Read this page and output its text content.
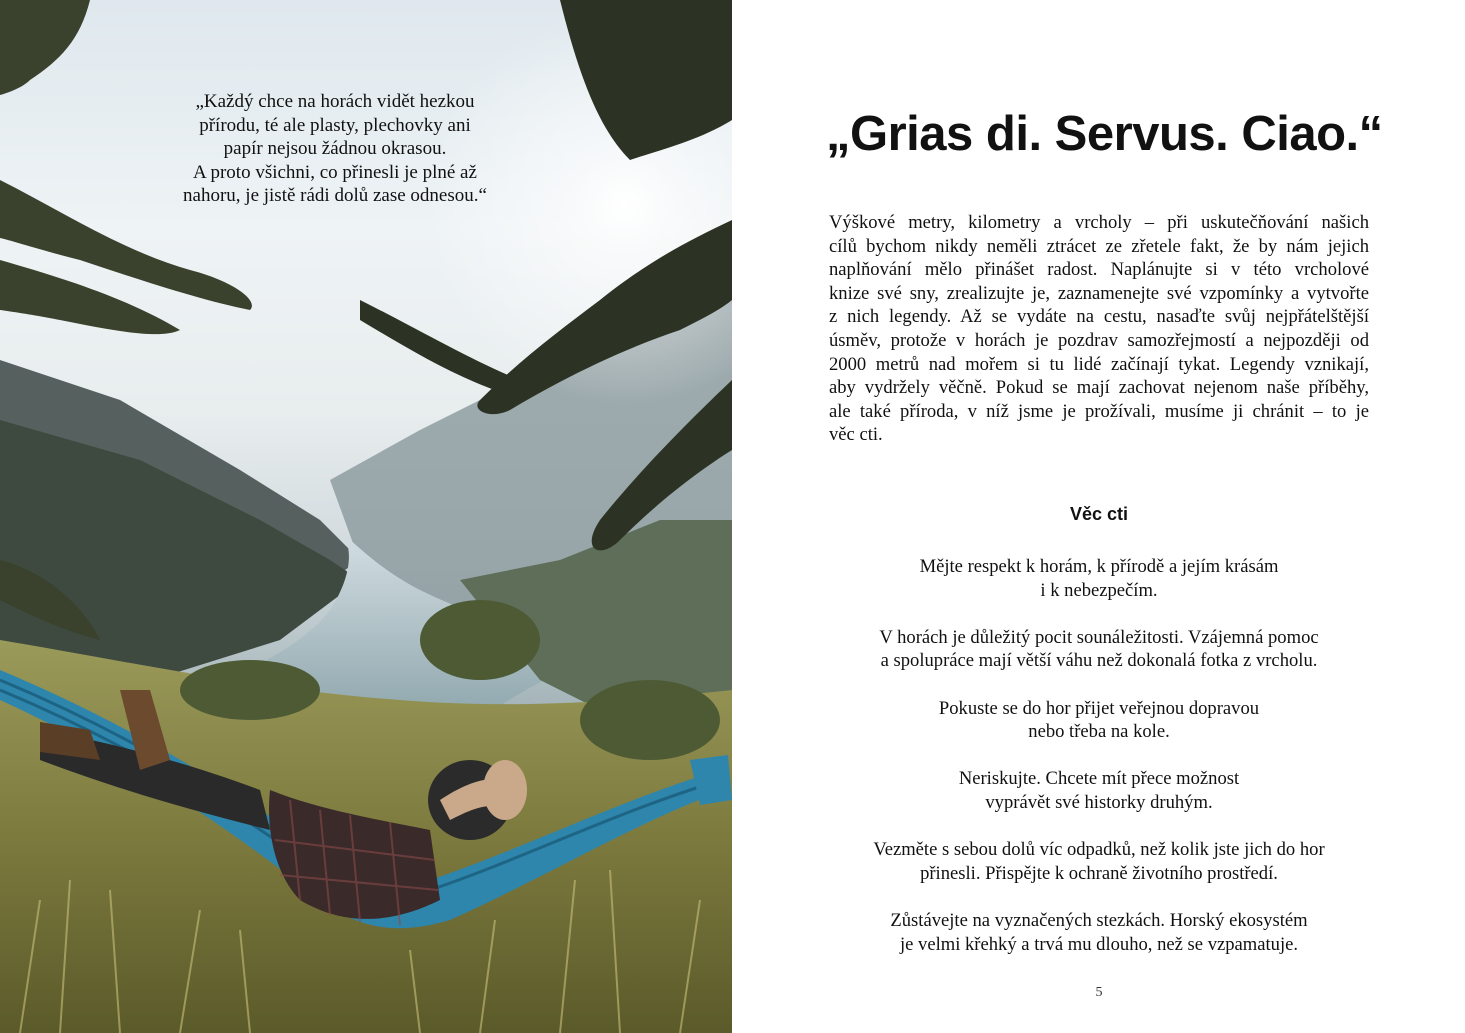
„Každý chce na horách vidět hezkou
přírodu, té ale plasty, plechovky ani
papír nejsou žádnou okrasou.
A proto všichni, co přinesli je plné až
nahoru, je jistě rádi dolů zase odnesou.“
„Grias di. Servus. Ciao.“
Výškové metry, kilometry a vrcholy – při uskutečňování našich
cílů bychom nikdy neměli ztrácet ze zřetele fakt, že by nám jejich
naplňování mělo přinášet radost. Naplánujte si v této vrcholové
knize své sny, zrealizujte je, zaznamenejte své vzpomínky a vytvořte
z nich legendy. Až se vydáte na cestu, nasaďte svůj nejpřátelštější
úsměv, protože v horách je pozdrav samozřejmostí a nejpozději od
2000 metrů nad mořem si tu lidé začínají tykat. Legendy vznikají,
aby vydržely věčně. Pokud se mají zachovat nejenom naše příběhy,
ale také příroda, v níž jsme je prožívali, musíme ji chránit – to je
věc cti.
Věc cti
Mějte respekt k horám, k přírodě a jejím krásám
i k nebezpečím.
V horách je důležitý pocit sounáležitosti. Vzájemná pomoc
a spolupráce mají větší váhu než dokonalá fotka z vrcholu.
Pokuste se do hor přijet veřejnou dopravou
nebo třeba na kole.
Neriskujte. Chcete mít přece možnost
vyprávět své historky druhým.
Vezměte s sebou dolů víc odpadků, než kolik jste jich do hor
přinesli. Přispějte k ochraně životního prostředí.
Zůstávejte na vyznačených stezkách. Horský ekosystém
je velmi křehký a trvá mu dlouho, než se vzpamatuje.
5
